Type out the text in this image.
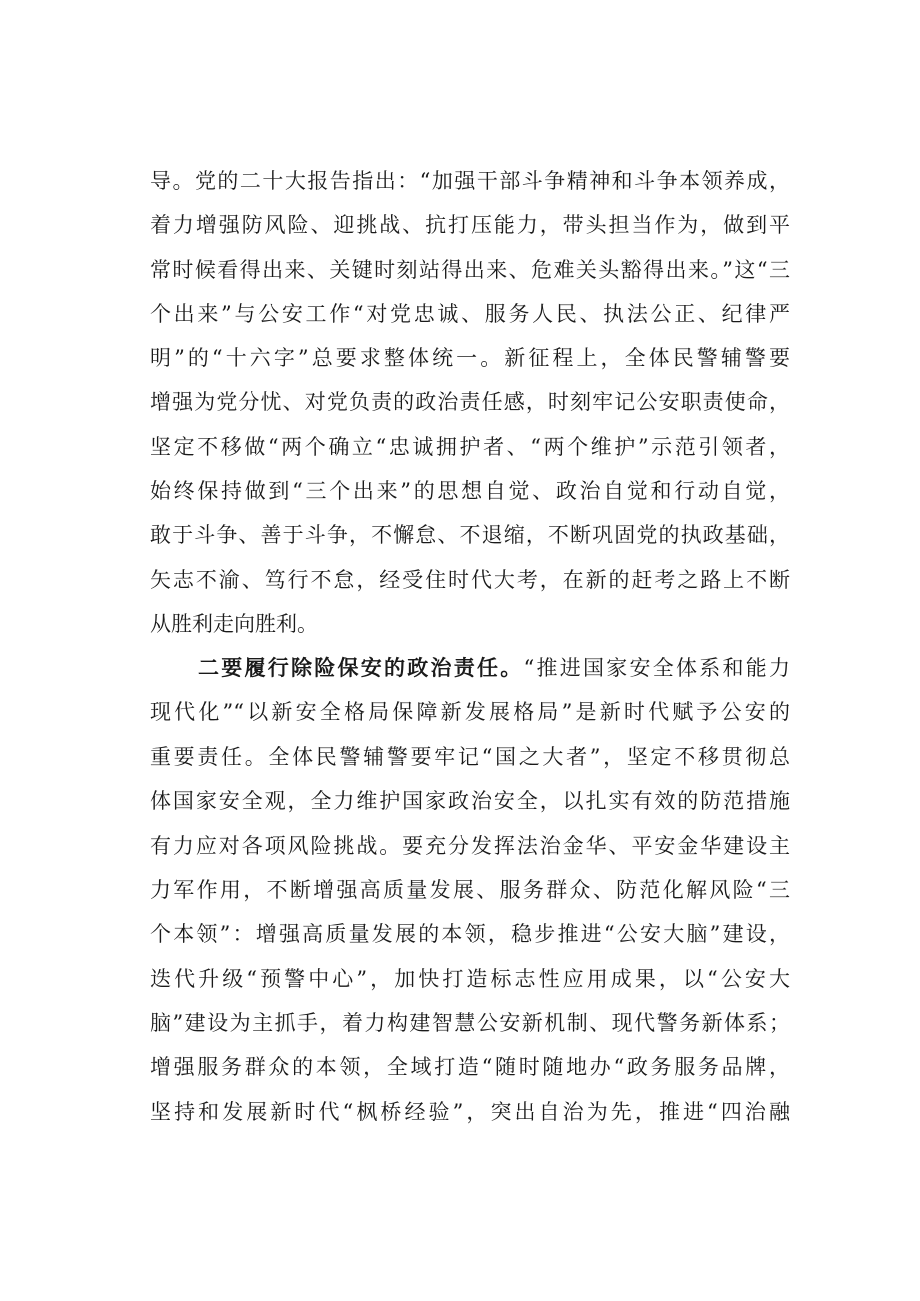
导。党的二十大报告指出：“加强干部斗争精神和斗争本领养成，
着力增强防风险、迎挑战、抗打压能力，带头担当作为，做到平
常时候看得出来、关键时刻站得出来、危难关头豁得出来。”这“三
个出来”与公安工作“对党忠诚、服务人民、执法公正、纪律严
明”的“十六字”总要求整体统一。新征程上，全体民警辅警要
增强为党分忧、对党负责的政治责任感，时刻牢记公安职责使命，
坚定不移做“两个确立“忠诚拥护者、“两个维护”示范引领者，
始终保持做到“三个出来”的思想自觉、政治自觉和行动自觉，
敢于斗争、善于斗争，不懈怠、不退缩，不断巩固党的执政基础，
矢志不渝、笃行不怠，经受住时代大考，在新的赶考之路上不断
从胜利走向胜利。
二要履行除险保安的政治责任。“推进国家安全体系和能力
现代化”“以新安全格局保障新发展格局”是新时代赋予公安的
重要责任。全体民警辅警要牢记“国之大者”，坚定不移贯彻总
体国家安全观，全力维护国家政治安全，以扎实有效的防范措施
有力应对各项风险挑战。要充分发挥法治金华、平安金华建设主
力军作用，不断增强高质量发展、服务群众、防范化解风险“三
个本领”：增强高质量发展的本领，稳步推进“公安大脑”建设，
迭代升级“预警中心”，加快打造标志性应用成果，以“公安大
脑”建设为主抓手，着力构建智慧公安新机制、现代警务新体系；
增强服务群众的本领，全域打造“随时随地办“政务服务品牌，
坚持和发展新时代“枫桥经验”，突出自治为先，推进“四治融
